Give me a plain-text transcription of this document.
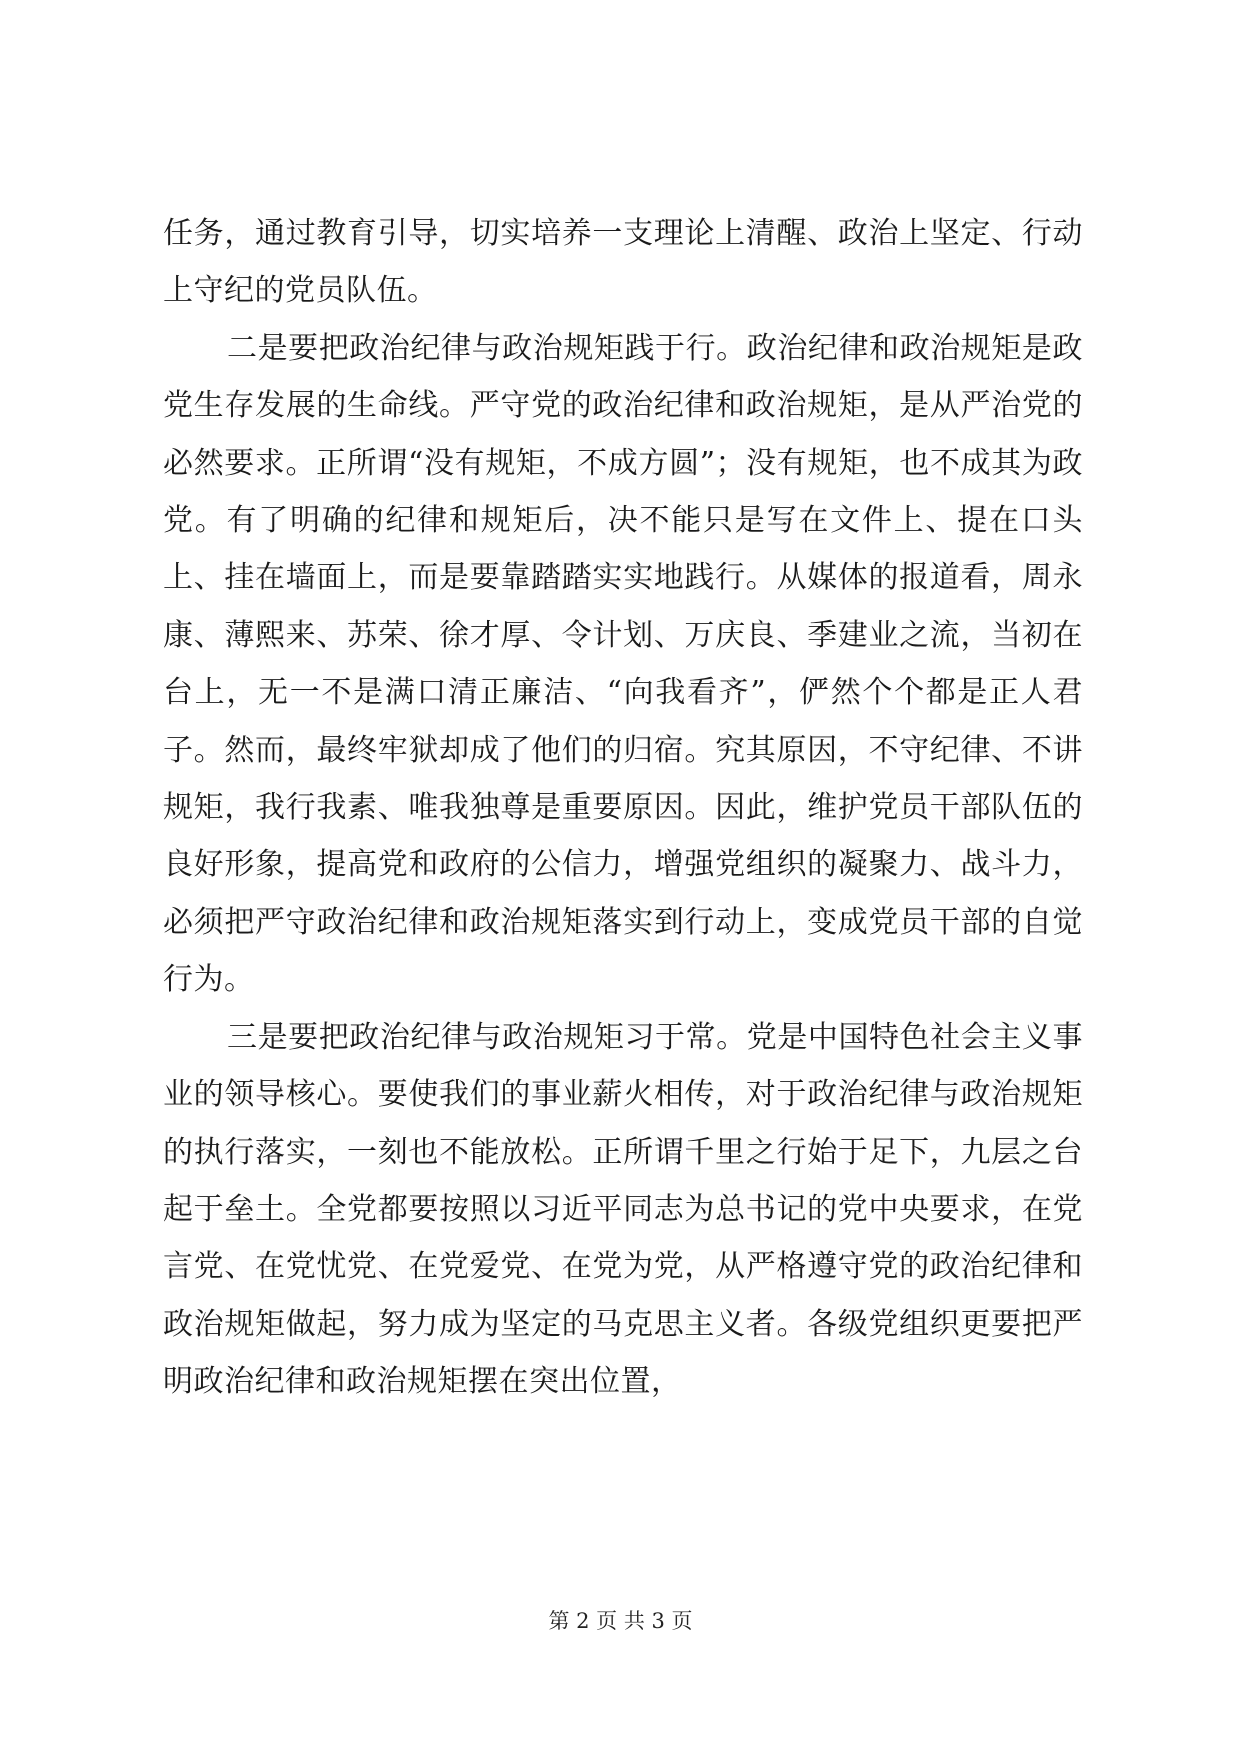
任务，通过教育引导，切实培养一支理论上清醒、政治上坚定、行动上守纪的党员队伍。

二是要把政治纪律与政治规矩践于行。政治纪律和政治规矩是政党生存发展的生命线。严守党的政治纪律和政治规矩，是从严治党的必然要求。正所谓“没有规矩，不成方圆”；没有规矩，也不成其为政党。有了明确的纪律和规矩后，决不能只是写在文件上、提在口头上、挂在墙面上，而是要靠踏踏实实地践行。从媒体的报道看，周永康、薄熙来、苏荣、徐才厚、令计划、万庆良、季建业之流，当初在台上，无一不是满口清正廉洁、“向我看齐”，俨然个个都是正人君子。然而，最终牢狱却成了他们的归宿。究其原因，不守纪律、不讲规矩，我行我素、唯我独尊是重要原因。因此，维护党员干部队伍的良好形象，提高党和政府的公信力，增强党组织的凝聚力、战斗力，必须把严守政治纪律和政治规矩落实到行动上，变成党员干部的自觉行为。

三是要把政治纪律与政治规矩习于常。党是中国特色社会主义事业的领导核心。要使我们的事业薪火相传，对于政治纪律与政治规矩的执行落实，一刻也不能放松。正所谓千里之行始于足下，九层之台起于垒土。全党都要按照以习近平同志为总书记的党中央要求，在党言党、在党忧党、在党爱党、在党为党，从严格遵守党的政治纪律和政治规矩做起，努力成为坚定的马克思主义者。各级党组织更要把严明政治纪律和政治规矩摆在突出位置，

第 2 页 共 3 页
